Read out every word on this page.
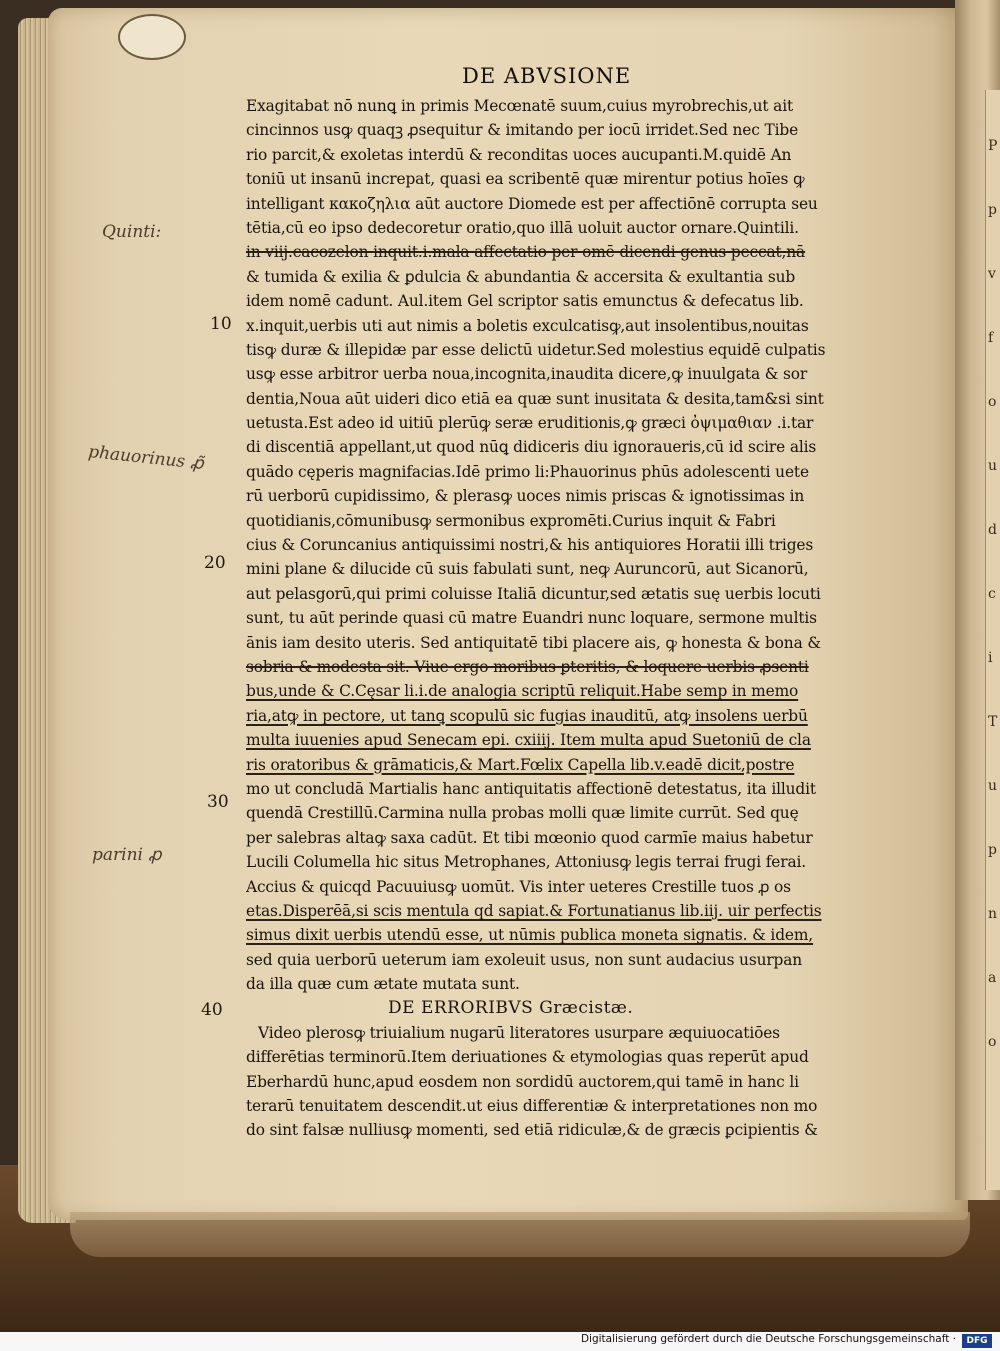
P
p
v
f
o
u
d
c
i
T
u
p
n
a
o
DE ABVSIONE
Exagitabat nō nunꝗ in primis Mecœnatē suum,cuius myrobrechis,ut ait
cincinnos usꝙ quaqꝫ ꝓsequitur & imitando per iocū irridet.Sed nec Tibe
rio parcit,& exoletas interdū & reconditas uoces aucupanti.M.quidē An
toniū ut insanū increpat, quasi ea scribentē quæ mirentur potius hoīes ꝙ
intelligant κακοζηλια aūt auctore Diomede est per affectiōnē corrupta seu
tētia,cū eo ipso dedecoretur oratio,quo illā uoluit auctor ornare.Quintili.
in viij.cacozelon inquit.i.mala affectatio per omē dicendi genus peccat,nā
& tumida & exilia & ꝑdulcia & abundantia & accersita & exultantia sub
idem nomē cadunt. Aul.item Gel scriptor satis emunctus & defecatus lib.
x.inquit,uerbis uti aut nimis a boletis exculcatisꝙ,aut insolentibus,nouitas
tisꝙ duræ & illepidæ par esse delictū uidetur.Sed molestius equidē culpatis
usꝙ esse arbitror uerba noua,incognita,inaudita dicere,ꝙ inuulgata & sor
dentia,Noua aūt uideri dico etiā ea quæ sunt inusitata & desita,tam&si sint
uetusta.Est adeo id uitiū plerūꝙ seræ eruditionis,ꝙ græci ὀψιμαθιαν .i.tar
di discentiā appellant,ut quod nūꝗ didiceris diu ignoraueris,cū id scire alis
quādo cęperis magnifacias.Idē primo li:Phauorinus phūs adolescenti uete
rū uerborū cupidissimo, & plerasꝙ uoces nimis priscas & ignotissimas in
quotidianis,cōmunibusꝙ sermonibus expromēti.Curius inquit & Fabri
cius & Coruncanius antiquissimi nostri,& his antiquiores Horatii illi triges
mini plane & dilucide cū suis fabulati sunt, neꝙ Auruncorū, aut Sicanorū,
aut pelasgorū,qui primi coluisse Italiā dicuntur,sed ætatis suę uerbis locuti
sunt, tu aūt perinde quasi cū matre Euandri nunc loquare, sermone multis
ānis iam desito uteris. Sed antiquitatē tibi placere ais, ꝙ honesta & bona &
sobria & modesta sit. Viue ergo moribus ꝑteritis, & loquere uerbis ꝓsenti
bus,unde & C.Cęsar li.i.de analogia scriptū reliquit.Habe semp in memo
ria,atꝙ in pectore, ut tanꝗ scopulū sic fugias inauditū, atꝙ insolens uerbū
multa iuuenies apud Senecam epi. cxiiij. Item multa apud Suetoniū de cla
ris oratoribus & grāmaticis,& Mart.Fœlix Capella lib.v.eadē dicit,postre
mo ut concludā Martialis hanc antiquitatis affectionē detestatus, ita illudit
quendā Crestillū.Carmina nulla probas molli quæ limite currūt. Sed quę
per salebras altaꝙ saxa cadūt. Et tibi mœonio quod carmīe maius habetur
Lucili Columella hic situs Metrophanes, Attoniusꝙ legis terrai frugi ferai.
Accius & quicqd Pacuuiusꝙ uomūt. Vis inter ueteres Crestille tuos ꝓ os
etas.Disperēā,si scis mentula qd sapiat.& Fortunatianus lib.iij. uir perfectis
simus dixit uerbis utendū esse, ut nūmis publica moneta signatis. & idem,
sed quia uerborū ueterum iam exoleuit usus, non sunt audacius usurpan
da illa quæ cum ætate mutata sunt.
DE ERRORIBVS Græcistæ.
Video plerosꝙ triuialium nugarū literatores usurpare æquiuocatiōes
differētias terminorū.Item deriuationes & etymologias quas reperūt apud
Eberhardū hunc,apud eosdem non sordidū auctorem,qui tamē in hanc li
terarū tenuitatem descendit.ut eius differentiæ & interpretationes non mo
do sint falsæ nulliusꝙ momenti, sed etiā ridiculæ,& de græcis ꝑcipientis &
10
20
30
40
Quinti:
phauorinus ꝓ̃
parini ꝓ
Digitalisierung gefördert durch die Deutsche Forschungsgemeinschaft ·	DFG
